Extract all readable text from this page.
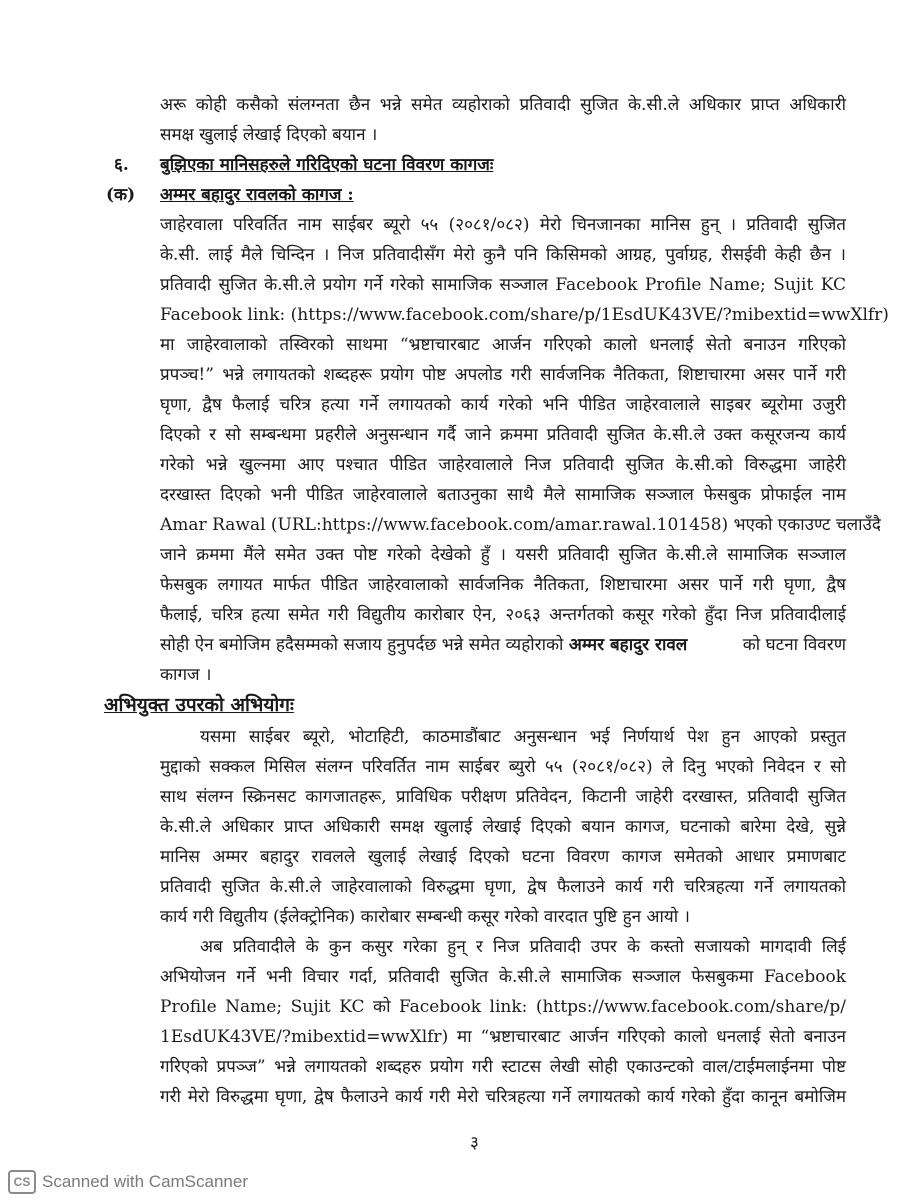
अरू कोही कसैको संलग्नता छैन भन्ने समेत व्यहोराको प्रतिवादी सुजित के.सी.ले अधिकार प्राप्त अधिकारी
समक्ष खुलाई लेखाई दिएको बयान ।
६. बुझिएका मानिसहरुले गरिदिएको घटना विवरण कागजः
(क) अम्मर बहादुर रावलको कागज :
जाहेरवाला परिवर्तित नाम साईबर ब्यूरो ५५ (२०८१/०८२) मेरो चिनजानका मानिस हुन् । प्रतिवादी सुजित
के.सी. लाई मैले चिन्दिन । निज प्रतिवादीसँग मेरो कुनै पनि किसिमको आग्रह, पुर्वाग्रह, रीसईवी केही छैन ।
प्रतिवादी सुजित के.सी.ले प्रयोग गर्ने गरेको सामाजिक सञ्जाल Facebook Profile Name; Sujit KC
Facebook link: (https://www.facebook.com/share/p/1EsdUK43VE/?mibextid=wwXlfr)
मा जाहेरवालाको तस्विरको साथमा “भ्रष्टाचारबाट आर्जन गरिएको कालो धनलाई सेतो बनाउन गरिएको
प्रपञ्च!” भन्ने लगायतको शब्दहरू प्रयोग पोष्ट अपलोड गरी सार्वजनिक नैतिकता, शिष्टाचारमा असर पार्ने गरी
घृणा, द्वैष फैलाई चरित्र हत्या गर्ने लगायतको कार्य गरेको भनि पीडित जाहेरवालाले साइबर ब्यूरोमा उजुरी
दिएको र सो सम्बन्धमा प्रहरीले अनुसन्धान गर्दै जाने क्रममा प्रतिवादी सुजित के.सी.ले उक्त कसूरजन्य कार्य
गरेको भन्ने खुल्नमा आए पश्चात पीडित जाहेरवालाले निज प्रतिवादी सुजित के.सी.को विरुद्धमा जाहेरी
दरखास्त दिएको भनी पीडित जाहेरवालाले बताउनुका साथै मैले सामाजिक सञ्जाल फेसबुक प्रोफाईल नाम
Amar Rawal (URL:https://www.facebook.com/amar.rawal.101458) भएको एकाउण्ट चलाउँदै
जाने क्रममा मैंले समेत उक्त पोष्ट गरेको देखेको हुँ । यसरी प्रतिवादी सुजित के.सी.ले सामाजिक सञ्जाल
फेसबुक लगायत मार्फत पीडित जाहेरवालाको सार्वजनिक नैतिकता, शिष्टाचारमा असर पार्ने गरी घृणा, द्वैष
फैलाई, चरित्र हत्या समेत गरी विद्युतीय कारोबार ऐन, २०६३ अन्तर्गतको कसूर गरेको हुँदा निज प्रतिवादीलाई
सोही ऐन बमोजिम हदैसम्मको सजाय हुनुपर्दछ भन्ने समेत व्यहोराको अम्मर बहादुर रावल	को घटना विवरण
कागज ।
अभियुक्त उपरको अभियोगः
यसमा साईबर ब्यूरो, भोटाहिटी, काठमाडौंबाट अनुसन्धान भई निर्णयार्थ पेश हुन आएको प्रस्तुत
मुद्दाको सक्कल मिसिल संलग्न परिवर्तित नाम साईबर ब्युरो ५५ (२०८१/०८२) ले दिनु भएको निवेदन र सो
साथ संलग्न स्क्रिनसट कागजातहरू, प्राविधिक परीक्षण प्रतिवेदन, किटानी जाहेरी दरखास्त, प्रतिवादी सुजित
के.सी.ले अधिकार प्राप्त अधिकारी समक्ष खुलाई लेखाई दिएको बयान कागज, घटनाको बारेमा देखे, सुन्ने
मानिस अम्मर बहादुर रावलले खुलाई लेखाई दिएको घटना विवरण कागज समेतको आधार प्रमाणबाट
प्रतिवादी सुजित के.सी.ले जाहेरवालाको विरुद्धमा घृणा, द्वेष फैलाउने कार्य गरी चरित्रहत्या गर्ने लगायतको
कार्य गरी विद्युतीय (ईलेक्ट्रोनिक) कारोबार सम्बन्धी कसूर गरेको वारदात पुष्टि हुन आयो ।
अब प्रतिवादीले के कुन कसुर गरेका हुन् र निज प्रतिवादी उपर के कस्तो सजायको मागदावी लिई
अभियोजन गर्ने भनी विचार गर्दा, प्रतिवादी सुजित के.सी.ले सामाजिक सञ्जाल फेसबुकमा Facebook
Profile Name; Sujit KC को Facebook link: (https://www.facebook.com/share/p/
1EsdUK43VE/?mibextid=wwXlfr) मा “भ्रष्टाचारबाट आर्जन गरिएको कालो धनलाई सेतो बनाउन
गरिएको प्रपञ्ज” भन्ने लगायतको शब्दहरु प्रयोग गरी स्टाटस लेखी सोही एकाउन्टको वाल/टाईमलाईनमा पोष्ट
गरी मेरो विरुद्धमा घृणा, द्वेष फैलाउने कार्य गरी मेरो चरित्रहत्या गर्ने लगायतको कार्य गरेको हुँदा कानून बमोजिम
३
CS Scanned with CamScanner
